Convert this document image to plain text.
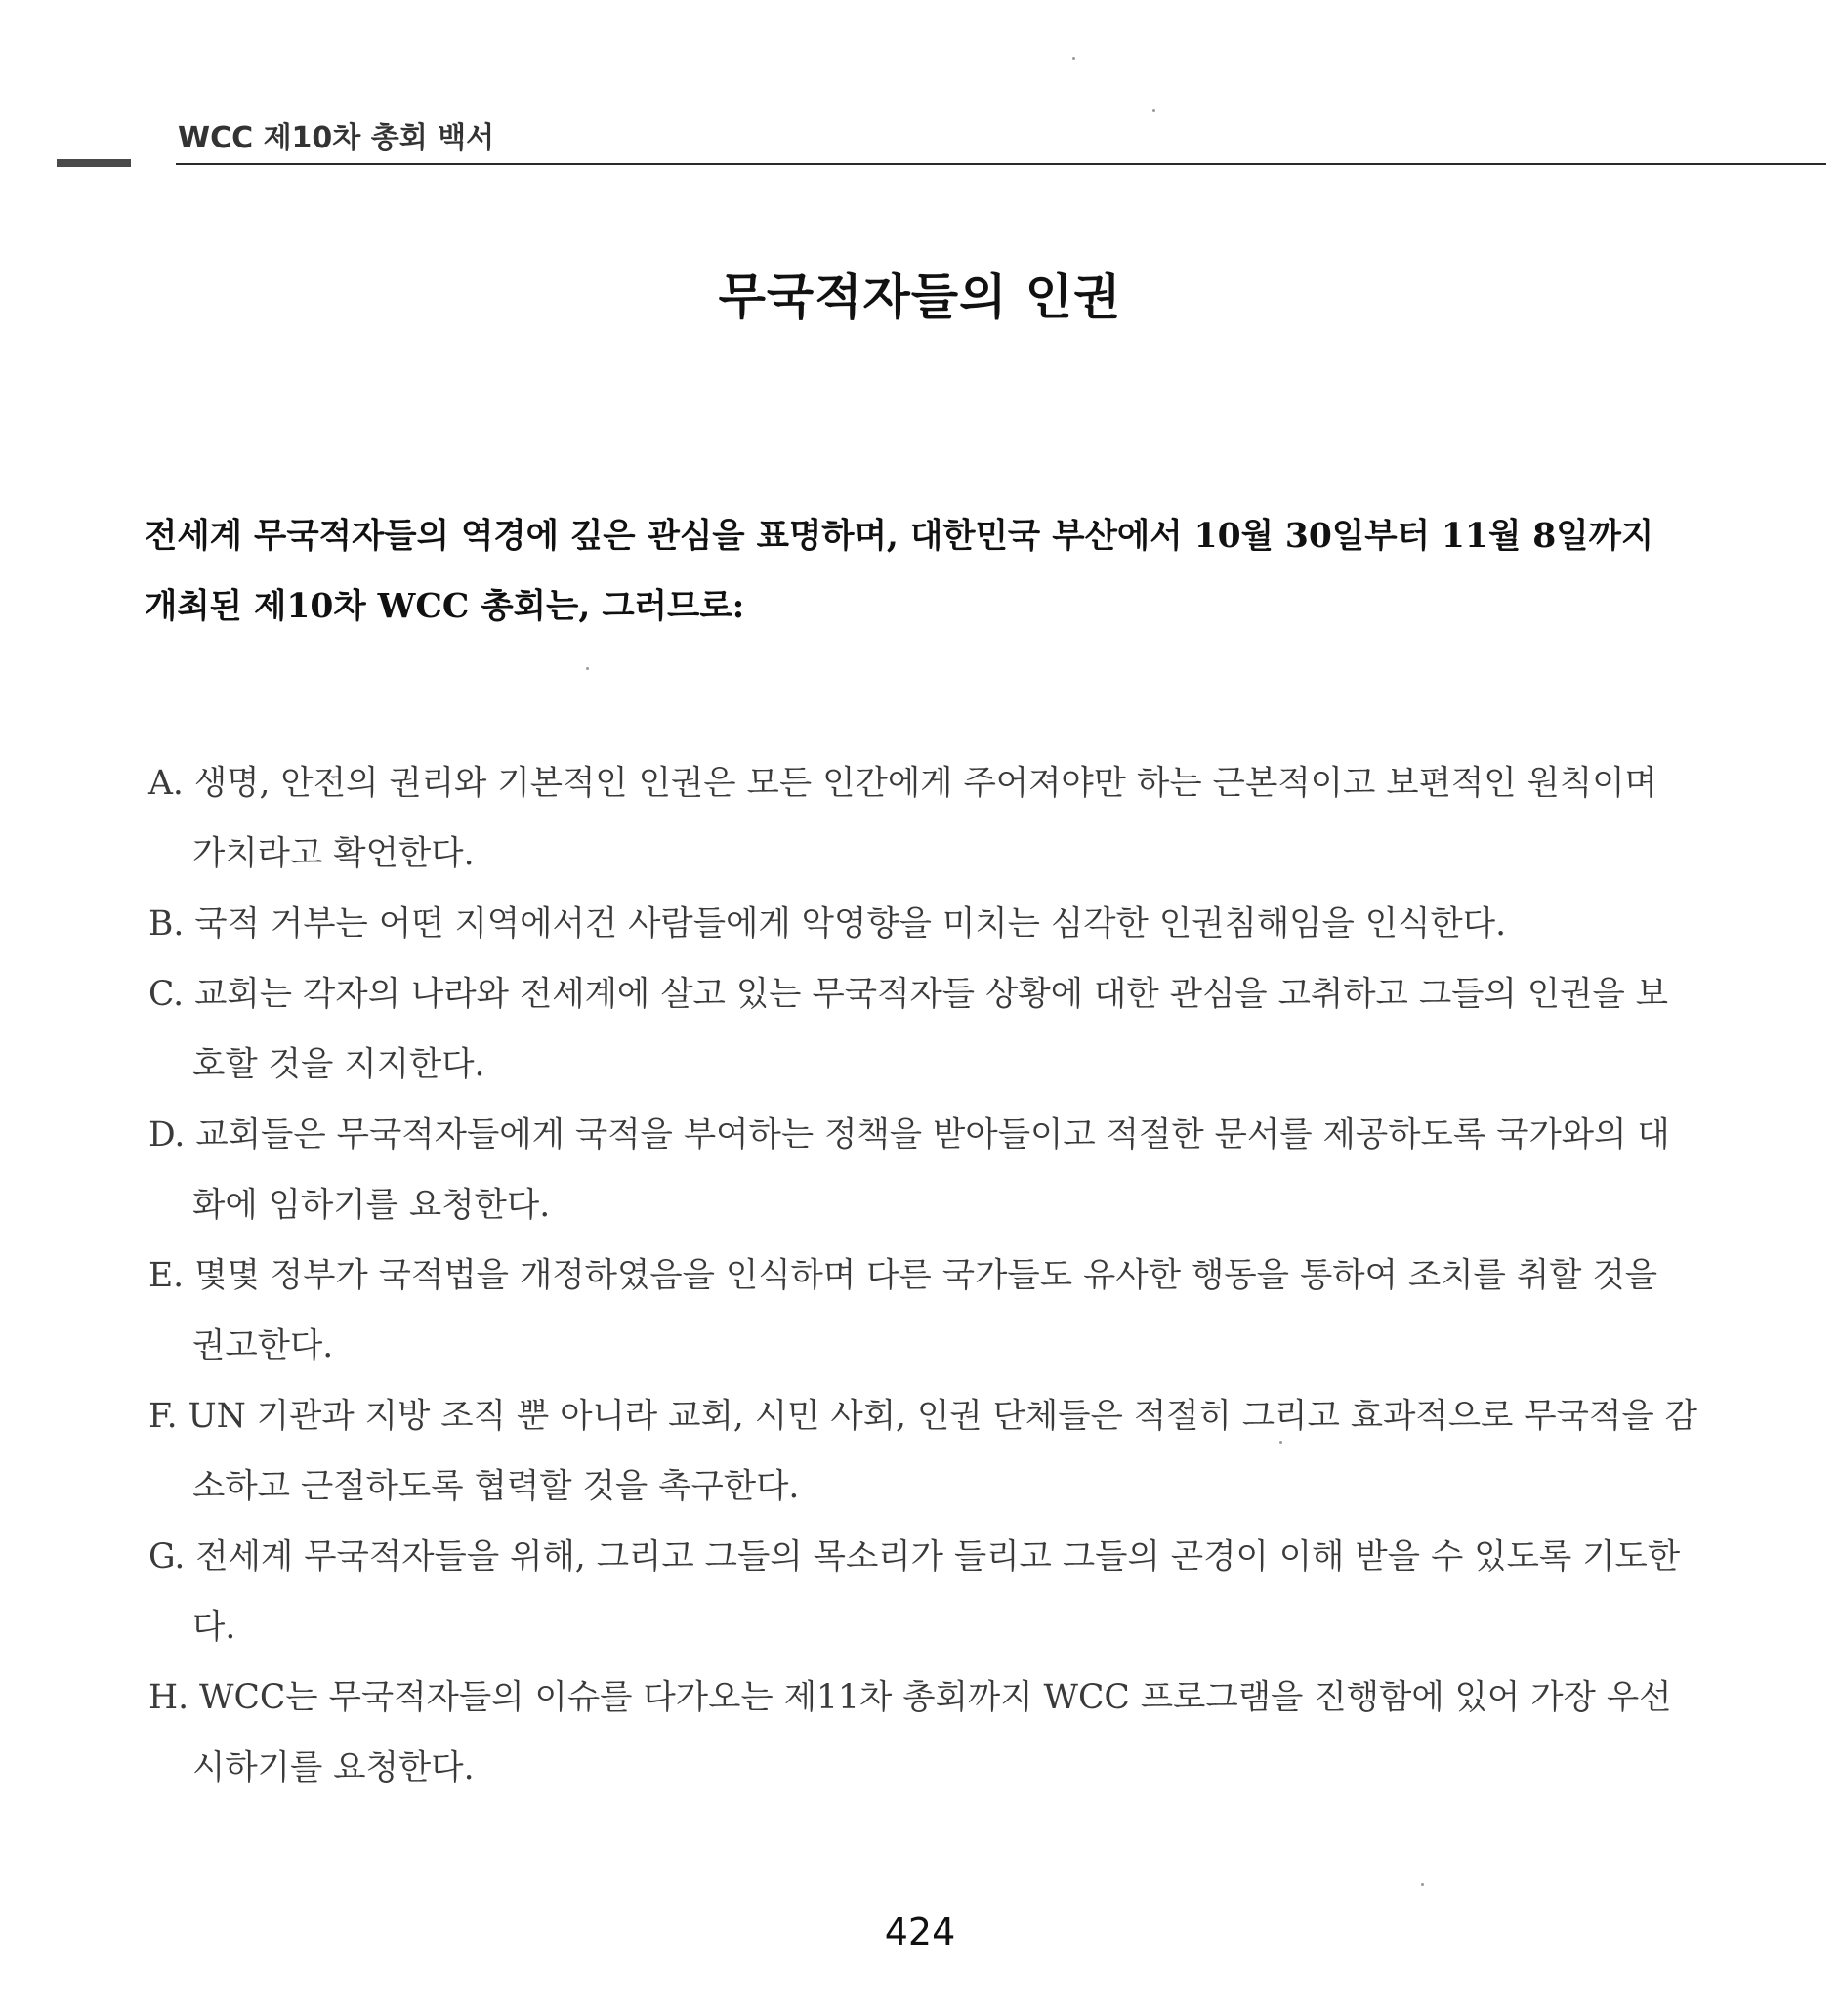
WCC 제10차 총회 백서
무국적자들의 인권

전세계 무국적자들의 역경에 깊은 관심을 표명하며, 대한민국 부산에서 10월 30일부터 11월 8일까지 개최된 제10차 WCC 총회는, 그러므로:

A. 생명, 안전의 권리와 기본적인 인권은 모든 인간에게 주어져야만 하는 근본적이고 보편적인 원칙이며 가치라고 확언한다.
B. 국적 거부는 어떤 지역에서건 사람들에게 악영향을 미치는 심각한 인권침해임을 인식한다.
C. 교회는 각자의 나라와 전세계에 살고 있는 무국적자들 상황에 대한 관심을 고취하고 그들의 인권을 보호할 것을 지지한다.
D. 교회들은 무국적자들에게 국적을 부여하는 정책을 받아들이고 적절한 문서를 제공하도록 국가와의 대화에 임하기를 요청한다.
E. 몇몇 정부가 국적법을 개정하였음을 인식하며 다른 국가들도 유사한 행동을 통하여 조치를 취할 것을 권고한다.
F. UN 기관과 지방 조직 뿐 아니라 교회, 시민 사회, 인권 단체들은 적절히 그리고 효과적으로 무국적을 감소하고 근절하도록 협력할 것을 촉구한다.
G. 전세계 무국적자들을 위해, 그리고 그들의 목소리가 들리고 그들의 곤경이 이해 받을 수 있도록 기도한다.
H. WCC는 무국적자들의 이슈를 다가오는 제11차 총회까지 WCC 프로그램을 진행함에 있어 가장 우선시하기를 요청한다.
424
